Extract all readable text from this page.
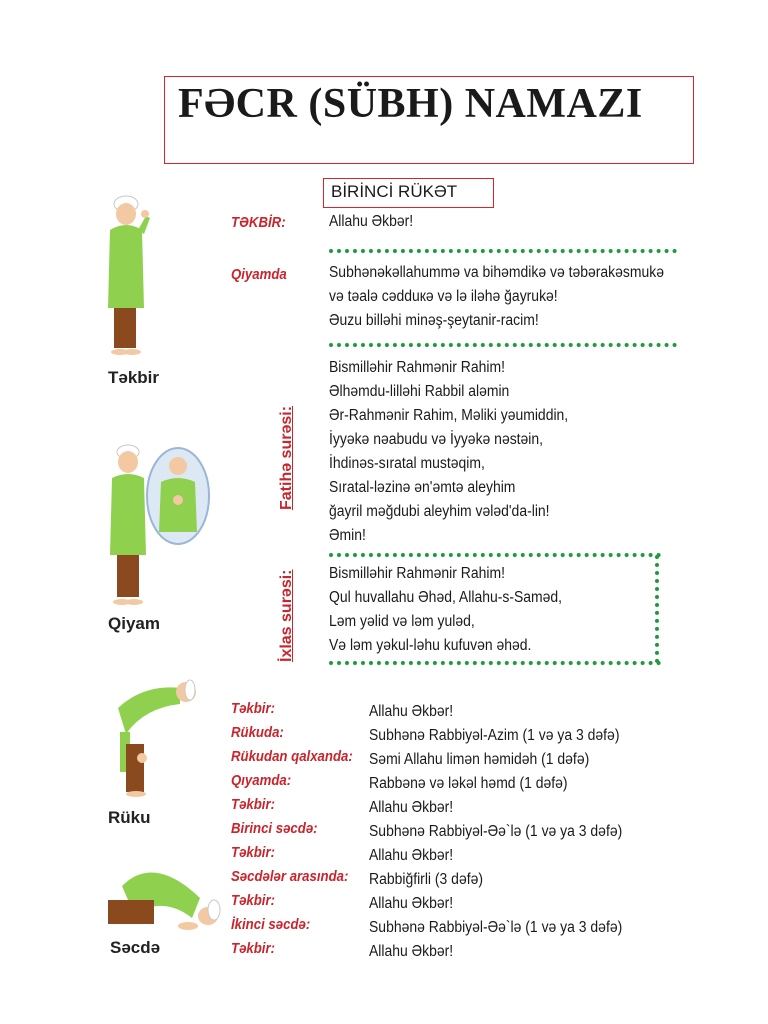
FƏCR (SÜBH) NAMAZI
BİRİNCİ RÜKƏT
Təkbir
Qiyam
Rüku
Səcdə
TƏKBİR:	Allahu Əkbər!
Qiyamda	Subhənəkəllahummə va bihəmdikə və təbərakəsmukə
və təalə cədduкə və lə iləhə ğayrukə!
Əuzu billəhi minəş-şeytanir-racim!
Fatihə surəsi:
Bismilləhir Rahmənir Rahim!
Əlhəmdu-lilləhi Rabbil aləmin
Ər-Rahmənir Rahim, Məliki yəumiddin,
İyyəkə nəabudu və İyyəkə nəstəin,
İhdinəs-sıratal mustəqim,
Sıratal-ləzinə ən'əmtə aleyhim
ğayril məğdubi aleyhim vələd'da-lin!
Əmin!
İxlas surəsi: Bismilləhir Rahmənir Rahim!
Qul huvallahu Əhəd, Allahu-s-Saməd,
Ləm yəlid və ləm yuləd,
Və ləm yəkul-ləhu kufuvən əhəd.
Təkbir:	Allahu Əkbər!
Rükuda:	Subhənə Rabbiyəl-Azim (1 və ya 3 dəfə)
Rükudan qalxanda: Səmi Allahu limən həmidəh (1 dəfə)
Qıyamda:	Rabbənə və ləkəl həmd (1 dəfə)
Təkbir:	Allahu Əkbər!
Birinci səcdə:	Subhənə Rabbiyəl-Əə`lə (1 və ya 3 dəfə)
Təkbir:	Allahu Əkbər!
Səcdələr arasında: Rabbiğfirli (3 dəfə)
Təkbir:	Allahu Əkbər!
İkinci səcdə:	Subhənə Rabbiyəl-Əə`lə (1 və ya 3 dəfə)
Təkbir:	Allahu Əkbər!
